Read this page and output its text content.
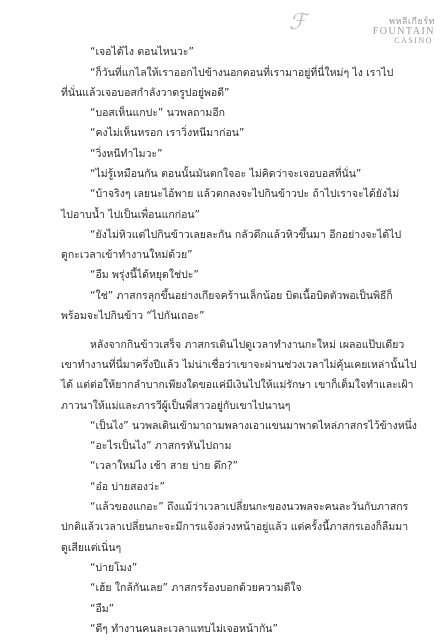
ℱ	พหลีเกียร์ท
FOUNTAIN
CASINO
“เจอได้ไง ตอนไหนวะ”
“ก็วันที่แกไลให้เราออกไปข้างนอกตอนที่เรามาอยู่ที่นี่ใหม่ๆ ไง เราไป
ที่นั่นแล้วเจอบอสกำลังวาดรูปอยู่พอดี”
“บอสเห็นแกปะ” นวพลถามอีก
“คงไม่เห็นหรอก เราวิ่งหนีมาก่อน”
“วิ่งหนีทำไมวะ”
“ไม่รู้เหมือนกัน ตอนนั้นมันตกใจอะ ไม่คิดว่าจะเจอบอสที่นั่น”
“บ้าจริงๆ เลยนะไอ้พาย แล้วตกลงจะไปกินข้าวปะ ถ้าไปเราจะได้ยังไม่
ไปอาบน้ำ ไปเป็นเพื่อนแกก่อน”
“ยังไม่หิวแต่ไปกินข้าวเลยละกัน กลัวดึกแล้วหิวขึ้นมา อีกอย่างจะได้ไป
ดูกะเวลาเข้าทำงานใหม่ด้วย”
“อืม พรุ่งนี้ได้หยุดใช่ปะ”
“ใช่” ภาสกรลุกขึ้นอย่างเกียจคร้านเล็กน้อย บิดเนื้อบิดตัวพอเป็นพิธีก็
พร้อมจะไปกินข้าว “ไปกันเถอะ”
หลังจากกินข้าวเสร็จ ภาสกรเดินไปดูเวลาทำงานกะใหม่ เผลอแป๊บเดียว
เขาทำงานที่นี่มาครึ่งปีแล้ว ไม่น่าเชื่อว่าเขาจะผ่านช่วงเวลาไม่คุ้นเคยเหล่านั้นไป
ได้ แต่ต่อให้ยากลำบากเพียงใดขอแค่มีเงินไปให้แม่รักษา เขาก็เต็มใจทำและเฝ้า
ภาวนาให้แม่และภารวีผู้เป็นพี่สาวอยู่กับเขาไปนานๆ
“เป็นไง” นวพลเดินเข้ามาถามพลางเอาแขนมาพาดไหล่ภาสกรไว้ข้างหนึ่ง
“อะไรเป็นไง” ภาสกรหันไปถาม
“เวลาใหม่ไง เช้า สาย บ่าย ดึก?”
“อ๋อ บ่ายสองว่ะ”
“แล้วของแกอะ” ถึงแม้ว่าเวลาเปลี่ยนกะของนวพลจะคนละวันกับภาสกร
ปกติแล้วเวลาเปลี่ยนกะจะมีการแจ้งล่วงหน้าอยู่แล้ว แต่ครั้งนี้ภาสกรเองก็ลืมมา
ดูเสียแต่เนิ่นๆ
“บ่ายโมง”
“เฮ้ย ใกล้กันเลย” ภาสกรร้องบอกด้วยความดีใจ
“อืม”
“ดีๆ ทำงานคนละเวลาแทบไม่เจอหน้ากัน”
